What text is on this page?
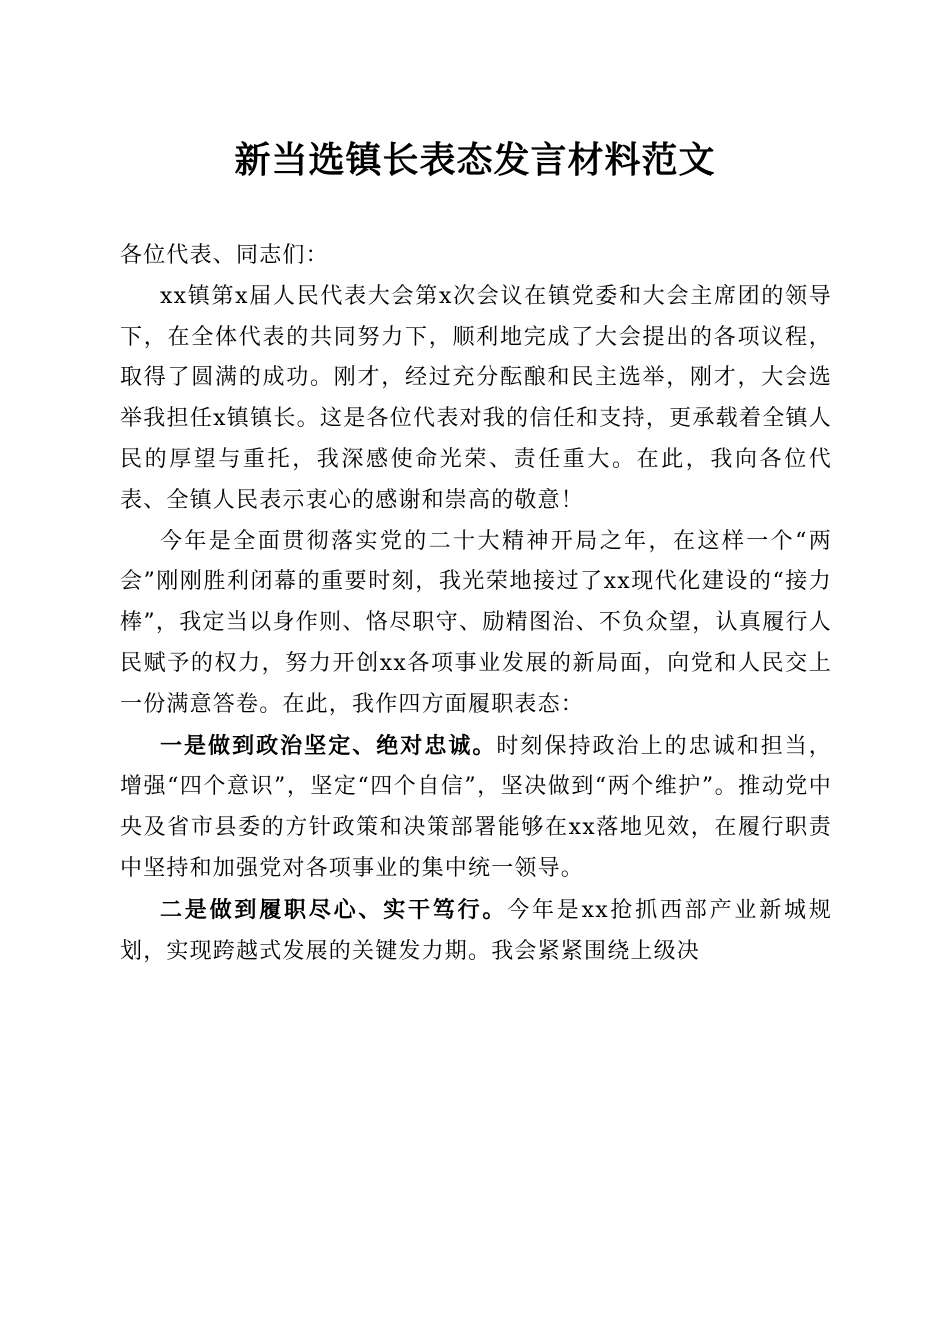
新当选镇长表态发言材料范文

各位代表、同志们：

xx镇第x届人民代表大会第x次会议在镇党委和大会主席团的领导下，在全体代表的共同努力下，顺利地完成了大会提出的各项议程，取得了圆满的成功。刚才，经过充分酝酿和民主选举，刚才，大会选举我担任x镇镇长。这是各位代表对我的信任和支持，更承载着全镇人民的厚望与重托，我深感使命光荣、责任重大。在此，我向各位代表、全镇人民表示衷心的感谢和崇高的敬意！

今年是全面贯彻落实党的二十大精神开局之年，在这样一个“两会”刚刚胜利闭幕的重要时刻，我光荣地接过了xx现代化建设的“接力棒”，我定当以身作则、恪尽职守、励精图治、不负众望，认真履行人民赋予的权力，努力开创xx各项事业发展的新局面，向党和人民交上一份满意答卷。在此，我作四方面履职表态：

一是做到政治坚定、绝对忠诚。时刻保持政治上的忠诚和担当，增强“四个意识”，坚定“四个自信”，坚决做到“两个维护”。推动党中央及省市县委的方针政策和决策部署能够在xx落地见效，在履行职责中坚持和加强党对各项事业的集中统一领导。

二是做到履职尽心、实干笃行。今年是xx抢抓西部产业新城规划，实现跨越式发展的关键发力期。我会紧紧围绕上级决
